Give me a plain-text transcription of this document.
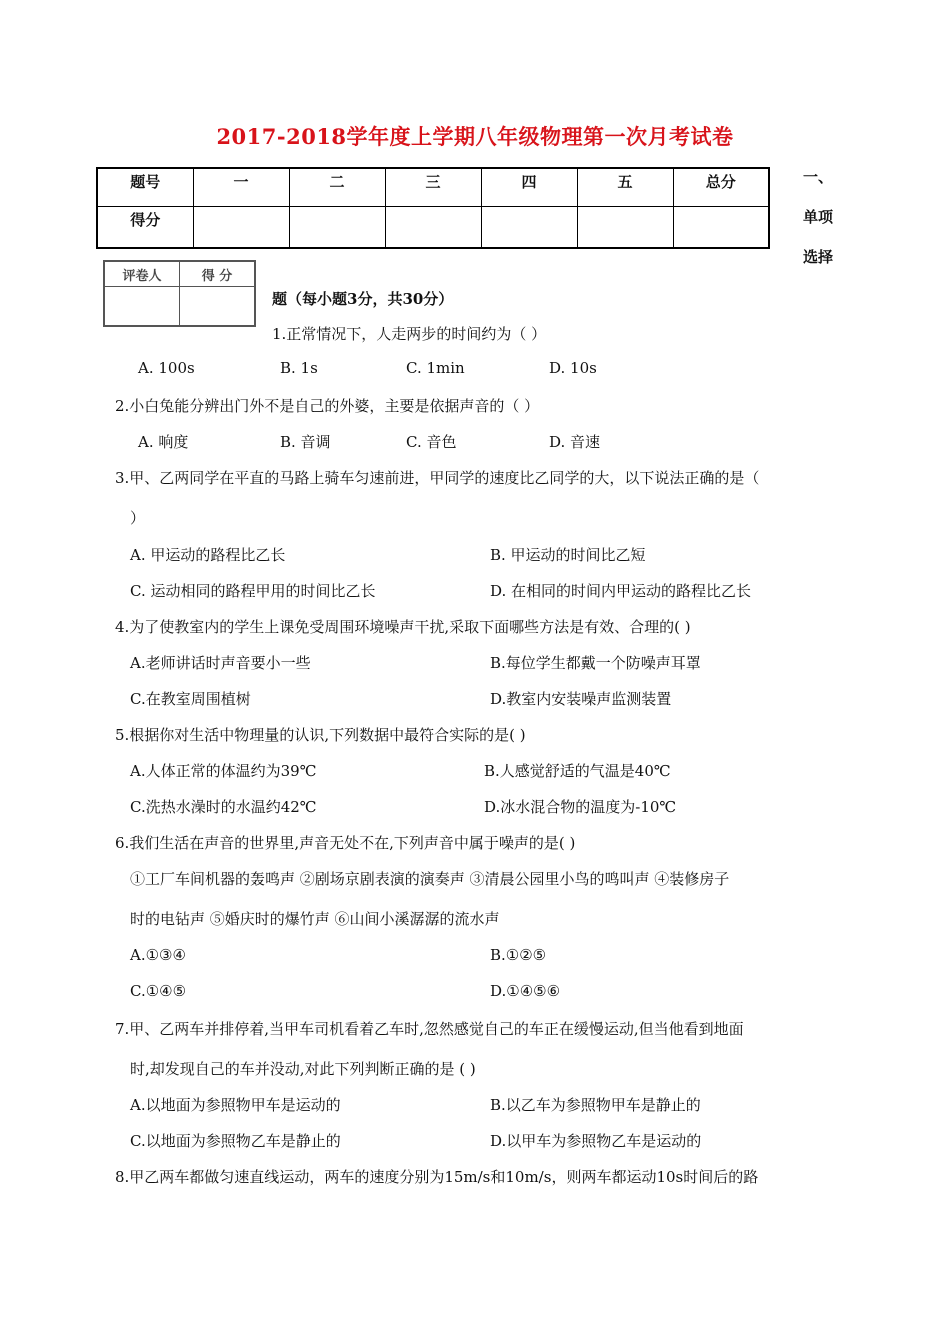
2017-2018学年度上学期八年级物理第一次月考试卷
题号	一	二	三	四	五	总分
得分						
一、
单项
选择
评卷人	得 分

题（每小题3分，共30分）
1.正常情况下，人走两步的时间约为（ ）
A. 100s	B. 1s	C. 1min	D. 10s
2.小白兔能分辨出门外不是自己的外婆，主要是依据声音的（ ）
A. 响度	B. 音调	C. 音色	D. 音速
3.甲、乙两同学在平直的马路上骑车匀速前进，甲同学的速度比乙同学的大，以下说法正确的是（
）
A. 甲运动的路程比乙长	B. 甲运动的时间比乙短
C. 运动相同的路程甲用的时间比乙长	D. 在相同的时间内甲运动的路程比乙长
4.为了使教室内的学生上课免受周围环境噪声干扰,采取下面哪些方法是有效、合理的( )
A.老师讲话时声音要小一些	B.每位学生都戴一个防噪声耳罩
C.在教室周围植树	D.教室内安装噪声监测装置
5.根据你对生活中物理量的认识,下列数据中最符合实际的是( )
A.人体正常的体温约为39℃	B.人感觉舒适的气温是40℃
C.洗热水澡时的水温约42℃	D.冰水混合物的温度为-10℃
6.我们生活在声音的世界里,声音无处不在,下列声音中属于噪声的是( )
①工厂车间机器的轰鸣声 ②剧场京剧表演的演奏声 ③清晨公园里小鸟的鸣叫声 ④装修房子
时的电钻声 ⑤婚庆时的爆竹声 ⑥山间小溪潺潺的流水声
A.①③④	B.①②⑤
C.①④⑤	D.①④⑤⑥
7.甲、乙两车并排停着,当甲车司机看着乙车时,忽然感觉自己的车正在缓慢运动,但当他看到地面
时,却发现自己的车并没动,对此下列判断正确的是 ( )
A.以地面为参照物甲车是运动的	B.以乙车为参照物甲车是静止的
C.以地面为参照物乙车是静止的	D.以甲车为参照物乙车是运动的
8.甲乙两车都做匀速直线运动，两车的速度分别为15m/s和10m/s，则两车都运动10s时间后的路
